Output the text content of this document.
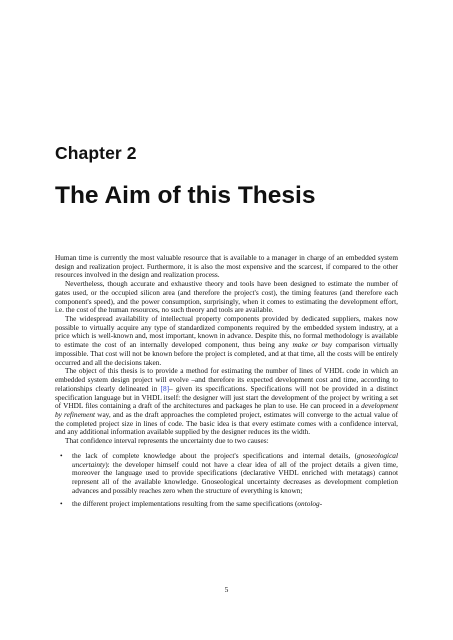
Chapter 2
The Aim of this Thesis

Human time is currently the most valuable resource that is available to a manager in charge of an embedded system design and realization project. Furthermore, it is also the most expensive and the scarcest, if compared to the other resources involved in the design and realization process.

Nevertheless, though accurate and exhaustive theory and tools have been designed to estimate the number of gates used, or the occupied silicon area (and therefore the project's cost), the timing features (and therefore each component's speed), and the power consumption, surprisingly, when it comes to estimating the development effort, i.e. the cost of the human resources, no such theory and tools are available.

The widespread availability of intellectual property components provided by dedicated suppliers, makes now possible to virtually acquire any type of standardized components required by the embedded system industry, at a price which is well-known and, most important, known in advance. Despite this, no formal methodology is available to estimate the cost of an internally developed component, thus being any make or buy comparison virtually impossible. That cost will not be known before the project is completed, and at that time, all the costs will be entirely occurred and all the decisions taken.

The object of this thesis is to provide a method for estimating the number of lines of VHDL code in which an embedded system design project will evolve –and therefore its expected development cost and time, according to relationships clearly delineated in [8]– given its specifications. Specifications will not be provided in a distinct specification language but in VHDL itself: the designer will just start the development of the project by writing a set of VHDL files containing a draft of the architectures and packages he plan to use. He can proceed in a development by refinement way, and as the draft approaches the completed project, estimates will converge to the actual value of the completed project size in lines of code. The basic idea is that every estimate comes with a confidence interval, and any additional information available supplied by the designer reduces its the width.

That confidence interval represents the uncertainty due to two causes:

• the lack of complete knowledge about the project's specifications and internal details, (gnoseological uncertainty): the developer himself could not have a clear idea of all of the project details a given time, moreover the language used to provide specifications (declarative VHDL enriched with metatags) cannot represent all of the available knowledge. Gnoseological uncertainty decreases as development completion advances and possibly reaches zero when the structure of everything is known;
• the different project implementations resulting from the same specifications (ontolog-
5
